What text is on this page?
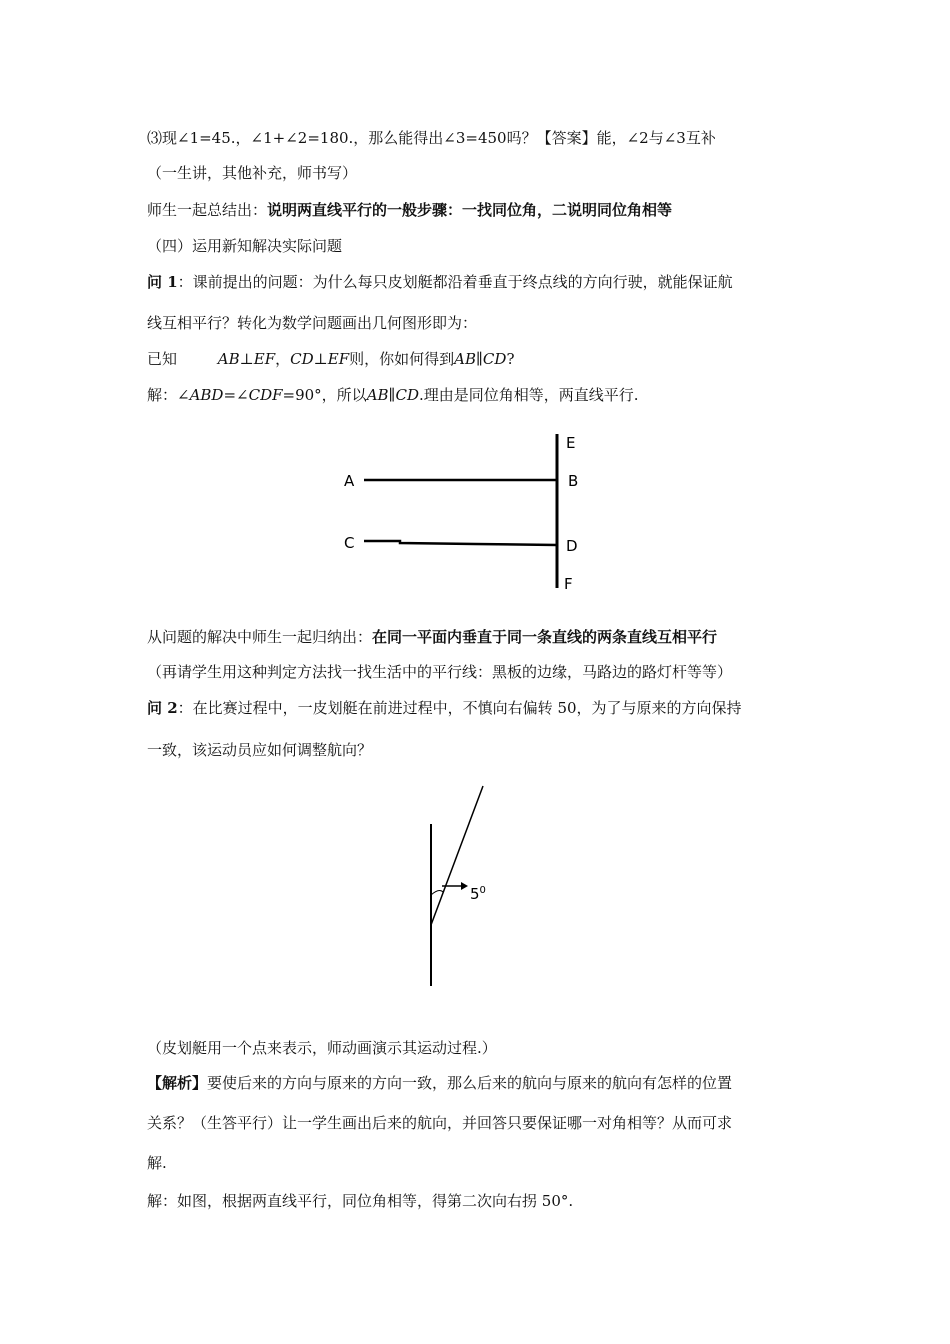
⑶现∠1=45.，∠1+∠2=180.，那么能得出∠3=450吗？【答案】能，∠2与∠3互补
（一生讲，其他补充，师书写）
师生一起总结出：说明两直线平行的一般步骤：一找同位角，二说明同位角相等
（四）运用新知解决实际问题
问 1：课前提出的问题：为什么每只皮划艇都沿着垂直于终点线的方向行驶，就能保证航
线互相平行？转化为数学问题画出几何图形即为：
已知	AB⊥EF，CD⊥EF则，你如何得到AB∥CD?
解：∠ABD=∠CDF=90°，所以AB∥CD.理由是同位角相等，两直线平行.
E
A	B
C	D
F
从问题的解决中师生一起归纳出：在同一平面内垂直于同一条直线的两条直线互相平行
（再请学生用这种判定方法找一找生活中的平行线：黑板的边缘，马路边的路灯杆等等）
问 2：在比赛过程中，一皮划艇在前进过程中，不慎向右偏转 50，为了与原来的方向保持
一致，该运动员应如何调整航向？
$5^0$
（皮划艇用一个点来表示，师动画演示其运动过程.）
【解析】要使后来的方向与原来的方向一致，那么后来的航向与原来的航向有怎样的位置
关系？（生答平行）让一学生画出后来的航向，并回答只要保证哪一对角相等？从而可求
解.
解：如图，根据两直线平行，同位角相等，得第二次向右拐 50°.
